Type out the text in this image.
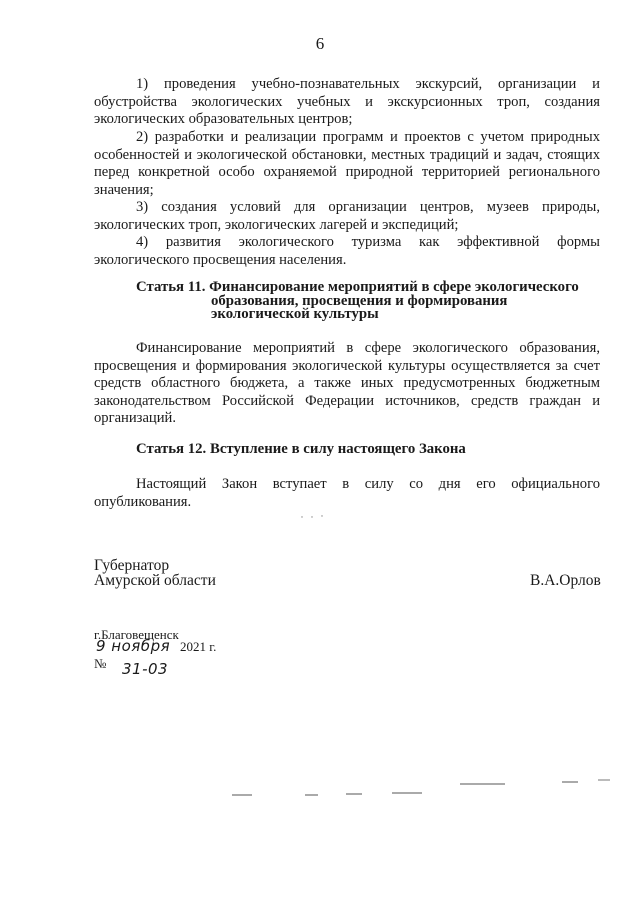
6
1) проведения учебно-познавательных экскурсий, организации и обустройства экологических учебных и экскурсионных троп, создания экологических образовательных центров;
2) разработки и реализации программ и проектов с учетом природных особенностей и экологической обстановки, местных традиций и задач, стоящих перед конкретной особо охраняемой природной территорией регионального значения;
3) создания условий для организации центров, музеев природы, экологических троп, экологических лагерей и экспедиций;
4) развития экологического туризма как эффективной формы экологического просвещения населения.
Статья 11. Финансирование мероприятий в сфере экологического
образования, просвещения и формирования
экологической культуры
Финансирование мероприятий в сфере экологического образования, просвещения и формирования экологической культуры осуществляется за счет средств областного бюджета, а также иных предусмотренных бюджетным законодательством Российской Федерации источников, средств граждан и организаций.
Статья 12. Вступление в силу настоящего Закона
Настоящий Закон вступает в силу со дня его официального опубликования.
Губернатор
Амурской области	В.А.Орлов
г.Благовещенск
9 ноября 2021 г.
№ 31-03
